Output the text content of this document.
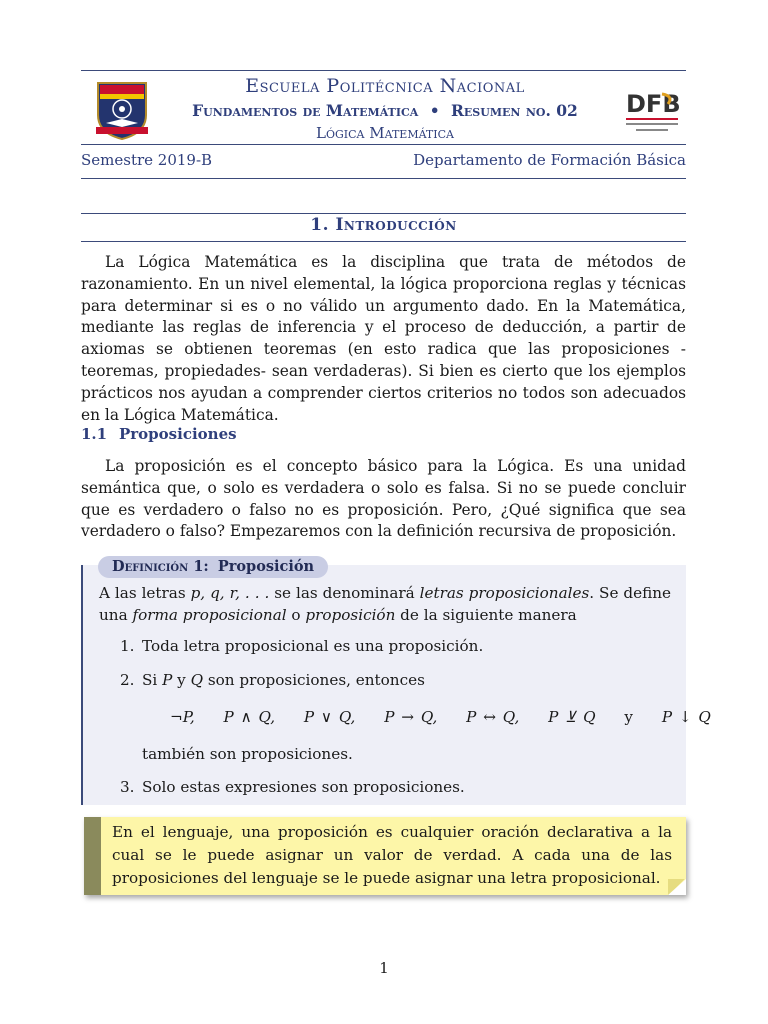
Escuela Politécnica Nacional
Fundamentos de Matemática • Resumen no. 02
Lógica Matemática
DFB
Semestre 2019-B	Departamento de Formación Básica
1. Introducción
La Lógica Matemática es la disciplina que trata de métodos de razonamiento. En un nivel elemental, la lógica proporciona reglas y técnicas para determinar si es o no válido un argumento dado. En la Matemática, mediante las reglas de inferencia y el proceso de deducción, a partir de axiomas se obtienen teoremas (en esto radica que las proposiciones -teoremas, propiedades- sean verdaderas). Si bien es cierto que los ejemplos prácticos nos ayudan a comprender ciertos criterios no todos son adecuados en la Lógica Matemática.
1.1 Proposiciones
La proposición es el concepto básico para la Lógica. Es una unidad semántica que, o solo es verdadera o solo es falsa. Si no se puede concluir que es verdadero o falso no es proposición. Pero, ¿Qué significa que sea verdadero o falso? Empezaremos con la definición recursiva de proposición.
Definición 1: Proposición
A las letras p, q, r, . . . se las denominará letras proposicionales. Se define una forma proposicional o proposición de la siguiente manera
1. Toda letra proposicional es una proposición.
2. Si P y Q son proposiciones, entonces
¬P, P ∧ Q, P ∨ Q, P → Q, P ↔ Q, P ⊻ Q y P ↓ Q
también son proposiciones.
3. Solo estas expresiones son proposiciones.
En el lenguaje, una proposición es cualquier oración declarativa a la cual se le puede asignar un valor de verdad. A cada una de las proposiciones del lenguaje se le puede asignar una letra proposicional.
1
